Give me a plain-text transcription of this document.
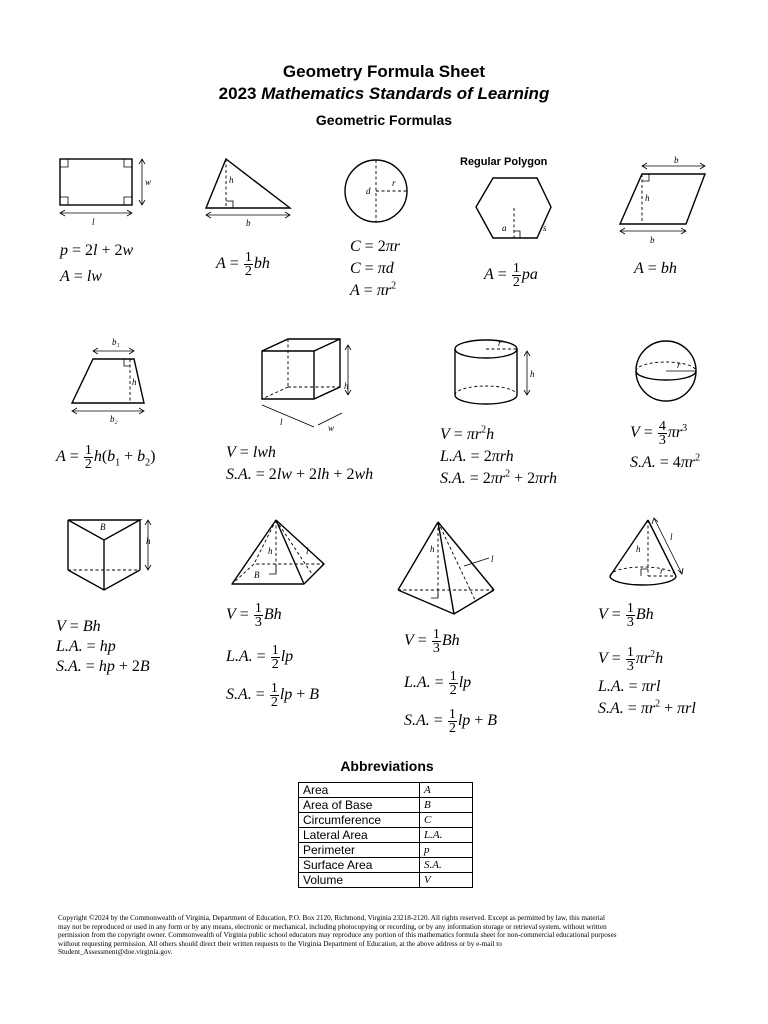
Geometry Formula Sheet
2023 Mathematics Standards of Learning
Geometric Formulas
w
l
h
b
d
r
Regular Polygon
a	s
b
h
b
p = 2l + 2w
A = lw
$A = \frac{1}{2}$ bh
C = 2πr
C = πd
$A = \pi r^2$
$A = \frac{1}{2}$ pa	A = bh
b₁
h
b₂
h
l
w
r
h
r
$A = \frac{1}{2} h(b_1 + b_2)$	V = lwh
S.A. = 2lw + 2lh + 2wh
$V = \pi r^2h$
L.A. = 2πrh
S.A. = $2\pi r^2 + 2\pi rh$
$V = \frac{4}{3} \pi r^3$
S.A. = $4\pi r^2$
B
h
h	l
B
h
l
h
r
l
V = Bh
L.A. = hp
S.A. = hp + 2B
$V = \frac{1}{3}$ Bh
L.A. = $\frac{1}{2}$ lp
S.A. = $\frac{1}{2}$ lp + B
$V = \frac{1}{3}$ Bh
L.A. = $\frac{1}{2}$ lp
S.A. = $\frac{1}{2}$ lp + B
$V = \frac{1}{3}$ Bh
$V = \frac{1}{3} \pi r^2h$
L.A. = πrl
S.A. = $\pi r^2 + \pi rl$
Abbreviations
Area	A
Area of Base	B
Circumference	C
Lateral Area	L.A.
Perimeter	p
Surface Area	S.A.
Volume	V
Copyright ©2024 by the Commonwealth of Virginia, Department of Education, P.O. Box 2120, Richmond, Virginia 23218-2120. All rights reserved. Except as permitted by law, this material may not be reproduced or used in any form or by any means, electronic or mechanical, including photocopying or recording, or by any information storage or retrieval system, without written permission from the copyright owner. Commonwealth of Virginia public school educators may reproduce any portion of this mathematics formula sheet for non-commercial educational purposes without requesting permission. All others should direct their written requests to the Virginia Department of Education, at the above address or by e-mail to Student_Assessment@doe.virginia.gov.
